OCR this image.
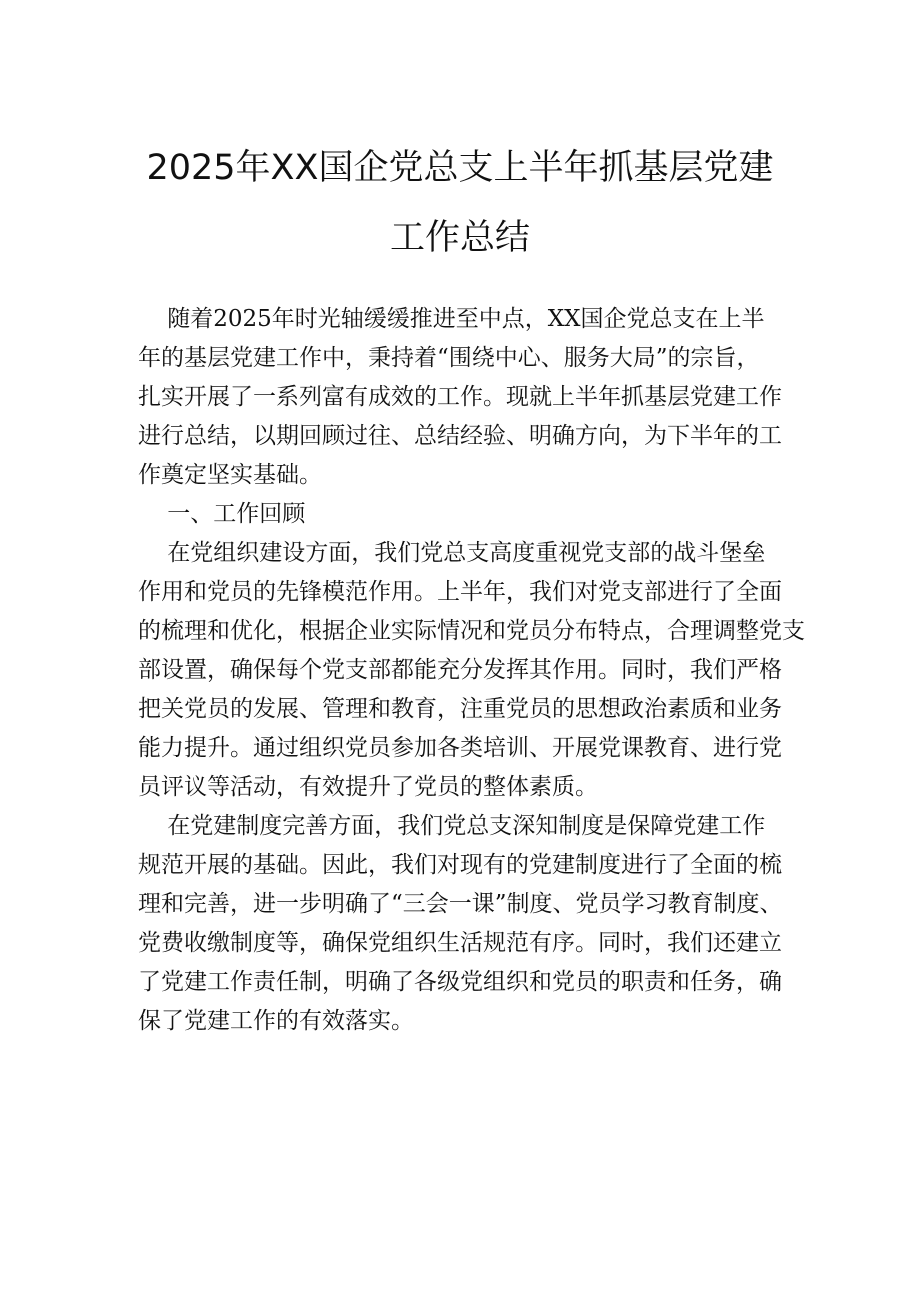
2025年XX国企党总支上半年抓基层党建
工作总结
随着2025年时光轴缓缓推进至中点，XX国企党总支在上半
年的基层党建工作中，秉持着“围绕中心、服务大局”的宗旨，
扎实开展了一系列富有成效的工作。现就上半年抓基层党建工作
进行总结，以期回顾过往、总结经验、明确方向，为下半年的工
作奠定坚实基础。
一、工作回顾
在党组织建设方面，我们党总支高度重视党支部的战斗堡垒
作用和党员的先锋模范作用。上半年，我们对党支部进行了全面
的梳理和优化，根据企业实际情况和党员分布特点，合理调整党支
部设置，确保每个党支部都能充分发挥其作用。同时，我们严格
把关党员的发展、管理和教育，注重党员的思想政治素质和业务
能力提升。通过组织党员参加各类培训、开展党课教育、进行党
员评议等活动，有效提升了党员的整体素质。
在党建制度完善方面，我们党总支深知制度是保障党建工作
规范开展的基础。因此，我们对现有的党建制度进行了全面的梳
理和完善，进一步明确了“三会一课”制度、党员学习教育制度、
党费收缴制度等，确保党组织生活规范有序。同时，我们还建立
了党建工作责任制，明确了各级党组织和党员的职责和任务，确
保了党建工作的有效落实。
